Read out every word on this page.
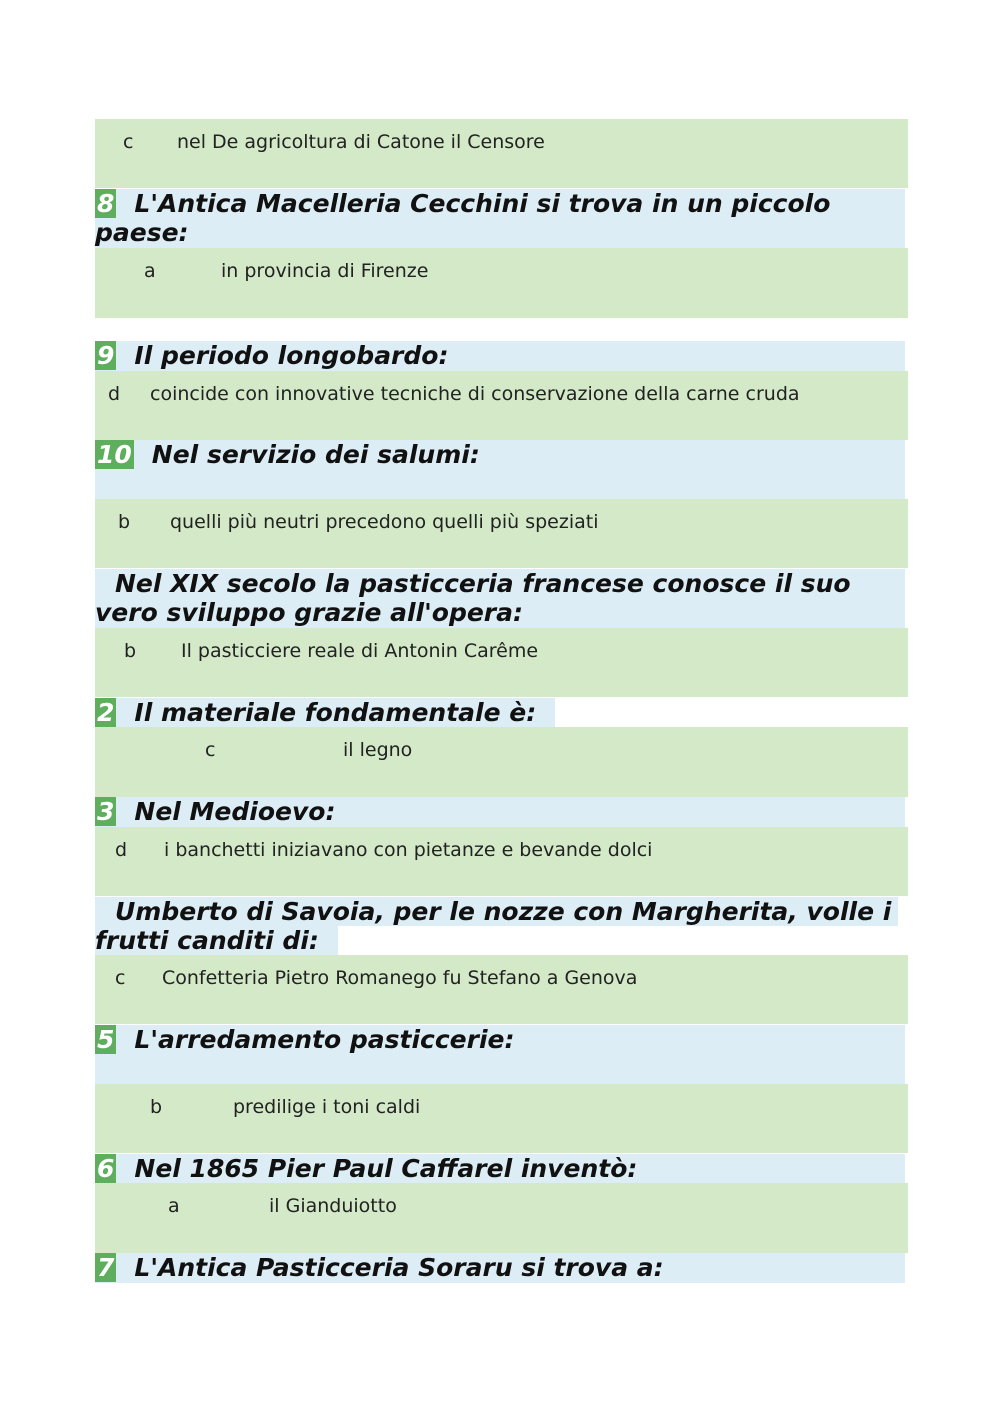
c nel De agricoltura di Catone il Censore
8 L'Antica Macelleria Cecchini si trova in un piccolo paese:
a	in provincia di Firenze
9 Il periodo longobardo:
d coincide con innovative tecniche di conservazione della carne cruda
10 Nel servizio dei salumi:
b quelli più neutri precedono quelli più speziati
Nel XIX secolo la pasticceria francese conosce il suo vero sviluppo grazie all'opera:
b Il pasticciere reale di Antonin Carême
2 Il materiale fondamentale è:
c	il legno
3 Nel Medioevo:
d i banchetti iniziavano con pietanze e bevande dolci
Umberto di Savoia, per le nozze con Margherita, volle i frutti canditi di:
c Confetteria Pietro Romanego fu Stefano a Genova
5 L'arredamento pasticcerie:
b	predilige i toni caldi
6 Nel 1865 Pier Paul Caffarel inventò:
a	il Gianduiotto
7 L'Antica Pasticceria Soraru si trova a:
